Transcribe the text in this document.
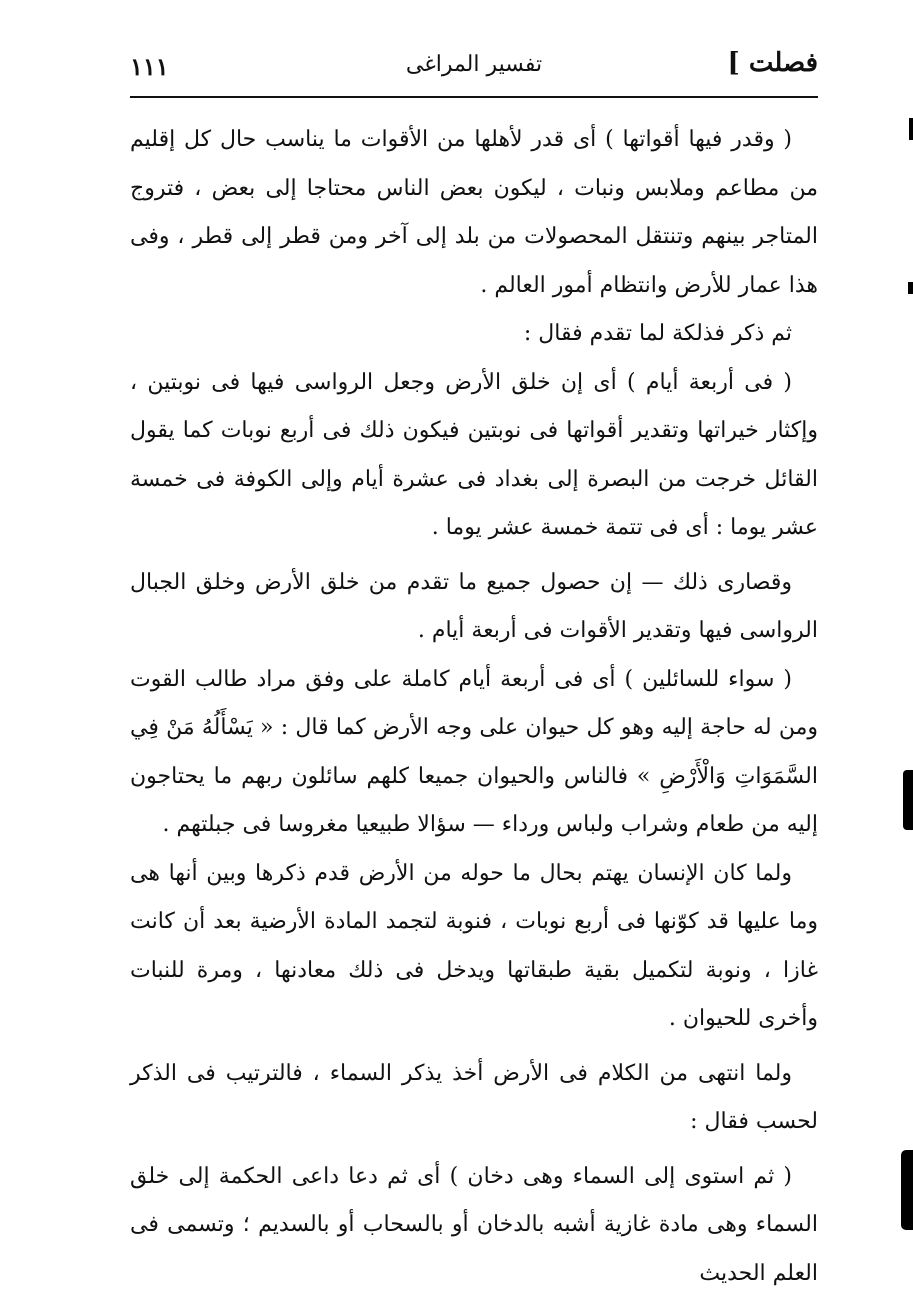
فصلت ]
تفسير المراغى
١١١

( وقدر فيها أقواتها ) أى قدر لأهلها من الأقوات ما يناسب حال كل إقليم من مطاعم وملابس ونبات ، ليكون بعض الناس محتاجا إلى بعض ، فتروج المتاجر بينهم وتنتقل المحصولات من بلد إلى آخر ومن قطر إلى قطر ، وفى هذا عمار للأرض وانتظام أمور العالم .

ثم ذكر فذلكة لما تقدم فقال :

( فى أربعة أيام ) أى إن خلق الأرض وجعل الرواسى فيها فى نوبتين ، وإكثار خيراتها وتقدير أقواتها فى نوبتين فيكون ذلك فى أربع نوبات كما يقول القائل خرجت من البصرة إلى بغداد فى عشرة أيام وإلى الكوفة فى خمسة عشر يوما : أى فى تتمة خمسة عشر يوما .

وقصارى ذلك — إن حصول جميع ما تقدم من خلق الأرض وخلق الجبال الرواسى فيها وتقدير الأقوات فى أربعة أيام .

( سواء للسائلين ) أى فى أربعة أيام كاملة على وفق مراد طالب القوت ومن له حاجة إليه وهو كل حيوان على وجه الأرض كما قال : « يَسْأَلُهُ مَنْ فِي السَّمَوَاتِ وَالْأَرْضِ » فالناس والحيوان جميعا كلهم سائلون ربهم ما يحتاجون إليه من طعام وشراب ولباس ورداء — سؤالا طبيعيا مغروسا فى جبلتهم .

ولما كان الإنسان يهتم بحال ما حوله من الأرض قدم ذكرها وبين أنها هى وما عليها قد كوّنها فى أربع نوبات ، فنوبة لتجمد المادة الأرضية بعد أن كانت غازا ، ونوبة لتكميل بقية طبقاتها ويدخل فى ذلك معادنها ، ومرة للنبات وأخرى للحيوان .

ولما انتهى من الكلام فى الأرض أخذ يذكر السماء ، فالترتيب فى الذكر لحسب فقال :

( ثم استوى إلى السماء وهى دخان ) أى ثم دعا داعى الحكمة إلى خلق السماء وهى مادة غازية أشبه بالدخان أو بالسحاب أو بالسديم ؛ وتسمى فى العلم الحديث
